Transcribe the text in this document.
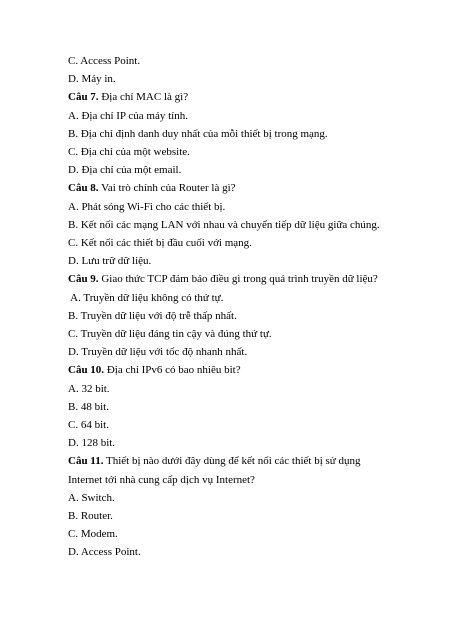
C. Access Point.
D. Máy in.
Câu 7. Địa chỉ MAC là gì?
A. Địa chỉ IP của máy tính.
B. Địa chỉ định danh duy nhất của mỗi thiết bị trong mạng.
C. Địa chỉ của một website.
D. Địa chỉ của một email.
Câu 8. Vai trò chính của Router là gì?
A. Phát sóng Wi-Fi cho các thiết bị.
B. Kết nối các mạng LAN với nhau và chuyển tiếp dữ liệu giữa chúng.
C. Kết nối các thiết bị đầu cuối với mạng.
D. Lưu trữ dữ liệu.
Câu 9. Giao thức TCP đảm bảo điều gì trong quá trình truyền dữ liệu?
A. Truyền dữ liệu không có thứ tự.
B. Truyền dữ liệu với độ trễ thấp nhất.
C. Truyền dữ liệu đáng tin cậy và đúng thứ tự.
D. Truyền dữ liệu với tốc độ nhanh nhất.
Câu 10. Địa chỉ IPv6 có bao nhiêu bit?
A. 32 bit.
B. 48 bit.
C. 64 bit.
D. 128 bit.
Câu 11. Thiết bị nào dưới đây dùng để kết nối các thiết bị sử dụng
Internet tới nhà cung cấp dịch vụ Internet?
A. Switch.
B. Router.
C. Modem.
D. Access Point.
